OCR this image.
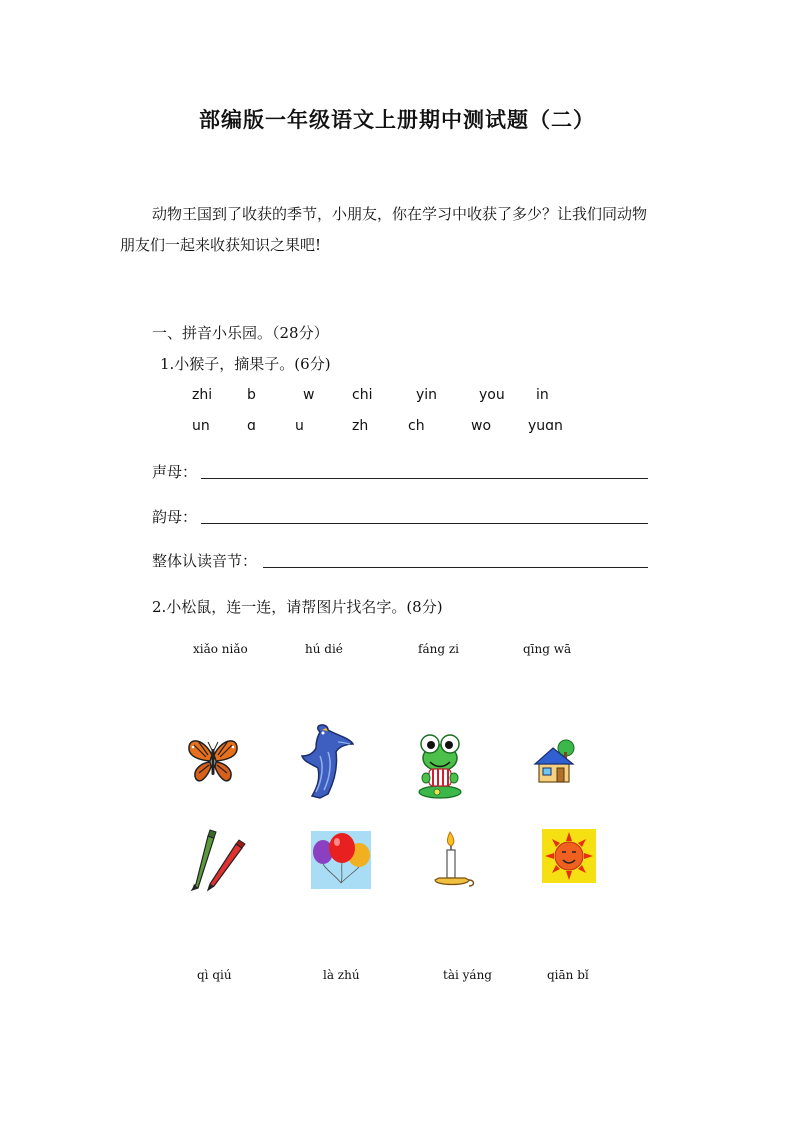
部编版一年级语文上册期中测试题（二）
动物王国到了收获的季节，小朋友，你在学习中收获了多少？让我们同动物
朋友们一起来收获知识之果吧!
一、拼音小乐园。（28分）
1.小猴子，摘果子。(6分)
zhi b	w	chi	yin	you in
un	ɑ	u	zh	ch	wo	yuɑn
声母：
韵母：
整体认读音节：
2.小松鼠，连一连，请帮图片找名字。(8分)
xiǎo niǎo	hú dié	fáng zi	qīng wā
qì qiú	là zhú	tài yáng	qiān bǐ
